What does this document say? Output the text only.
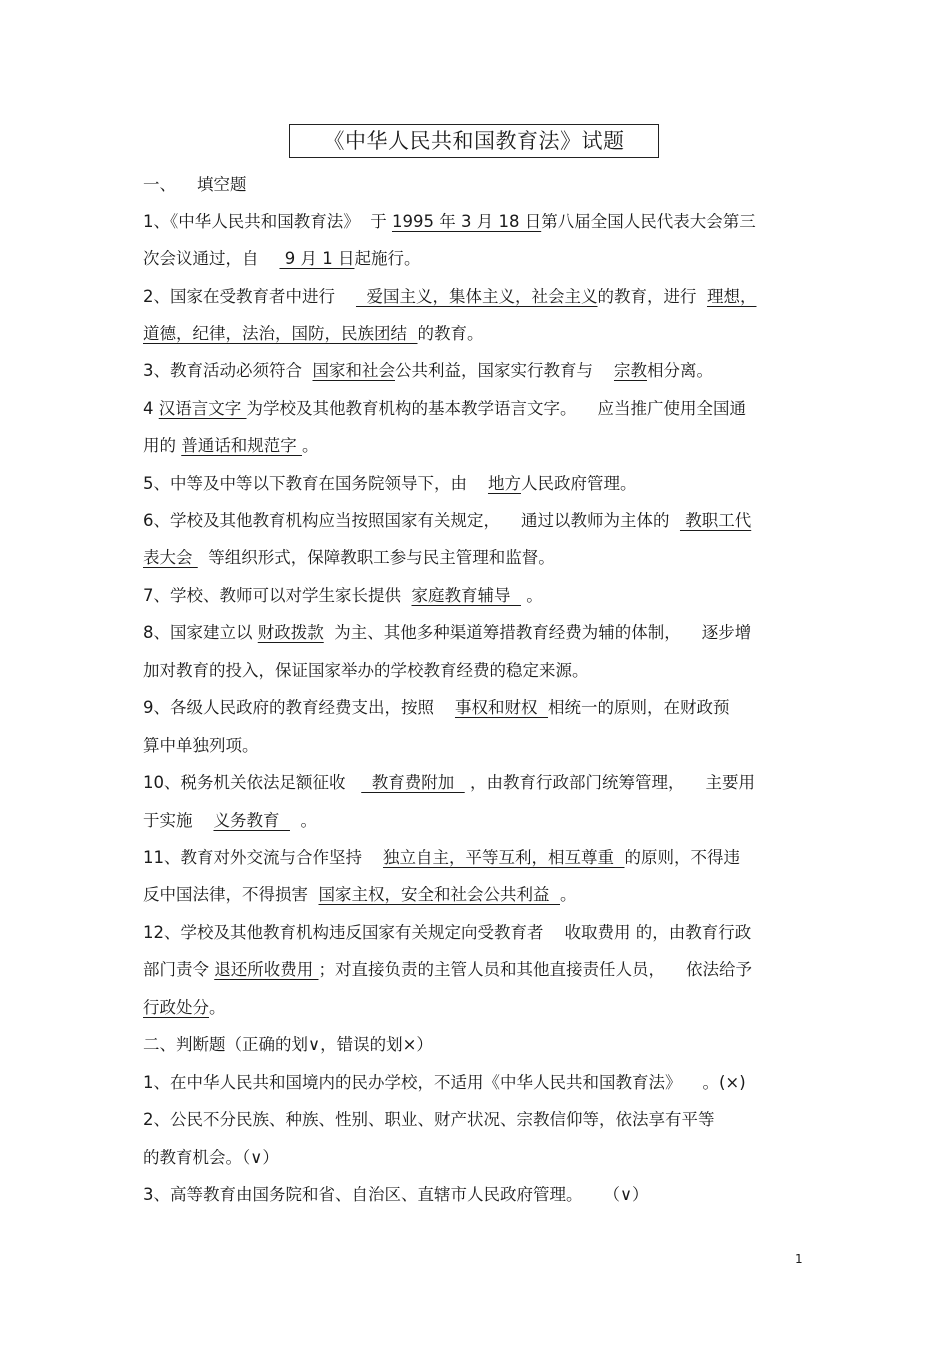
《中华人民共和国教育法》试题
一、    填空题
1、《中华人民共和国教育法》  于 1995 年 3 月 18 日第八届全国人民代表大会第三
次会议通过，自     9 月 1 日起施行。
2、国家在受教育者中进行      爱国主义，集体主义，社会主义的教育，进行  理想，
道德，纪律，法治，国防，民族团结  的教育。
3、教育活动必须符合  国家和社会公共利益，国家实行教育与    宗教相分离。
4 汉语言文字 为学校及其他教育机构的基本教学语言文字。    应当推广使用全国通
用的 普通话和规范字 。
5、中等及中等以下教育在国务院领导下，由    地方人民政府管理。
6、学校及其他教育机构应当按照国家有关规定，    通过以教师为主体的   教职工代
表大会   等组织形式，保障教职工参与民主管理和监督。
7、学校、教师可以对学生家长提供  家庭教育辅导   。
8、国家建立以 财政拨款  为主、其他多种渠道筹措教育经费为辅的体制，    逐步增
加对教育的投入，保证国家举办的学校教育经费的稳定来源。
9、各级人民政府的教育经费支出，按照    事权和财权  相统一的原则，在财政预
算中单独列项。
10、税务机关依法足额征收     教育费附加   ，由教育行政部门统筹管理，    主要用
于实施    义务教育    。
11、教育对外交流与合作坚持    独立自主，平等互利，相互尊重  的原则，不得违
反中国法律，不得损害  国家主权，安全和社会公共利益  。
12、学校及其他教育机构违反国家有关规定向受教育者    收取费用 的，由教育行政
部门责令 退还所收费用 ；对直接负责的主管人员和其他直接责任人员，    依法给予
行政处分。
二、判断题（正确的划∨，错误的划×）
1、在中华人民共和国境内的民办学校，不适用《中华人民共和国教育法》    。(×)
2、公民不分民族、种族、性别、职业、财产状况、宗教信仰等，依法享有平等
的教育机会。（∨）
3、高等教育由国务院和省、自治区、直辖市人民政府管理。    （∨）
1
